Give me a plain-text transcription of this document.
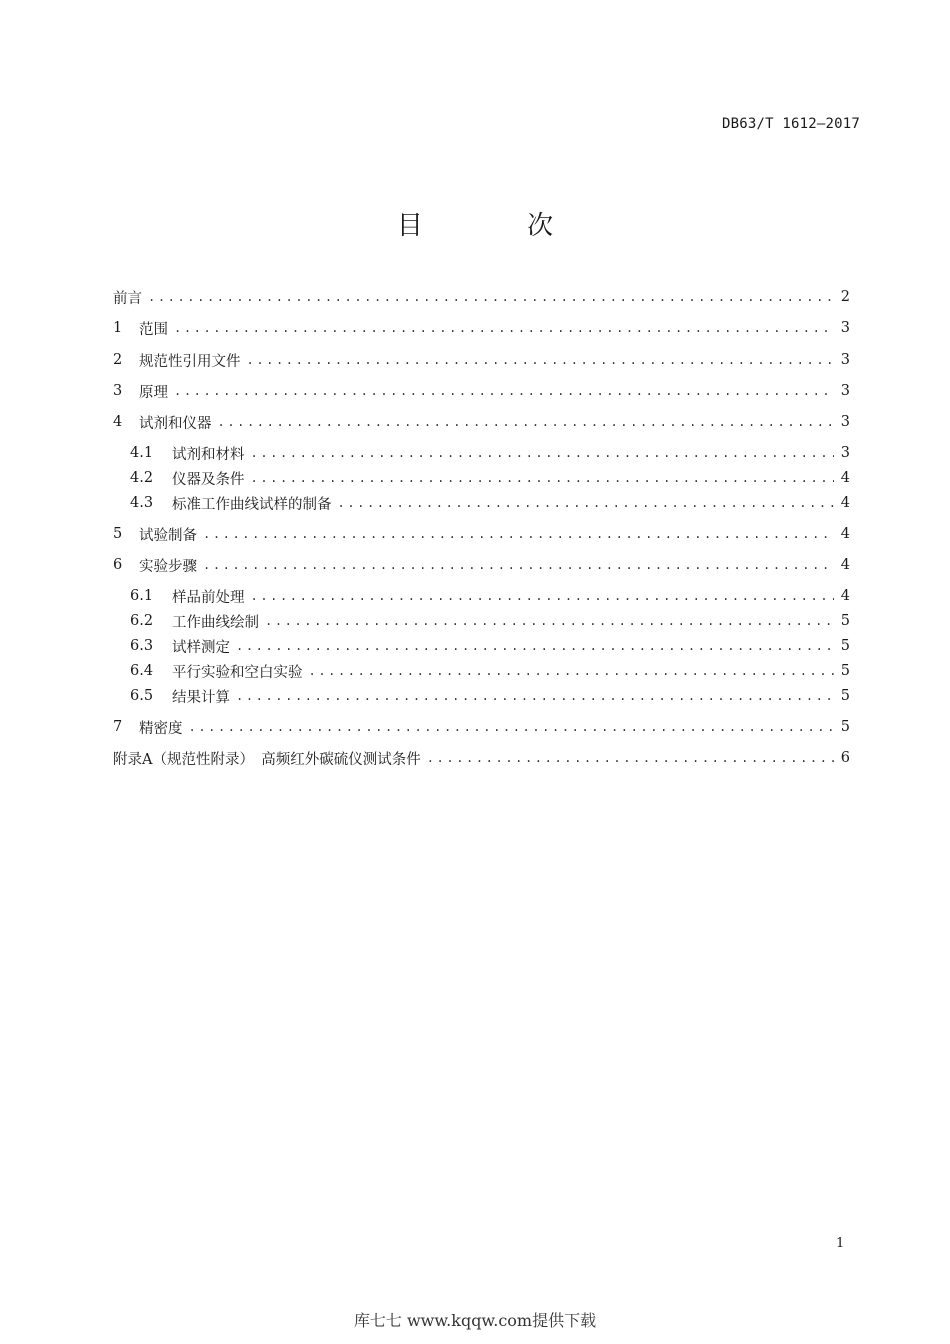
DB63/T 1612—2017
目 次
前言 .....	2
1	范围 .....	3
2	规范性引用文件 .....	3
3	原理 .....	3
4	试剂和仪器 .....	3
4.1	试剂和材料 .....	3
4.2	仪器及条件 .....	4
4.3	标准工作曲线试样的制备 .....	4
5	试验制备 .....	4
6	实验步骤 .....	4
6.1	样品前处理 .....	4
6.2	工作曲线绘制 .....	5
6.3	试样测定 .....	5
6.4	平行实验和空白实验 .....	5
6.5	结果计算 .....	5
7	精密度 .....	5
附录A（规范性附录）　高频红外碳硫仪测试条件 .....	6
1
库七七 www.kqqw.com提供下载
